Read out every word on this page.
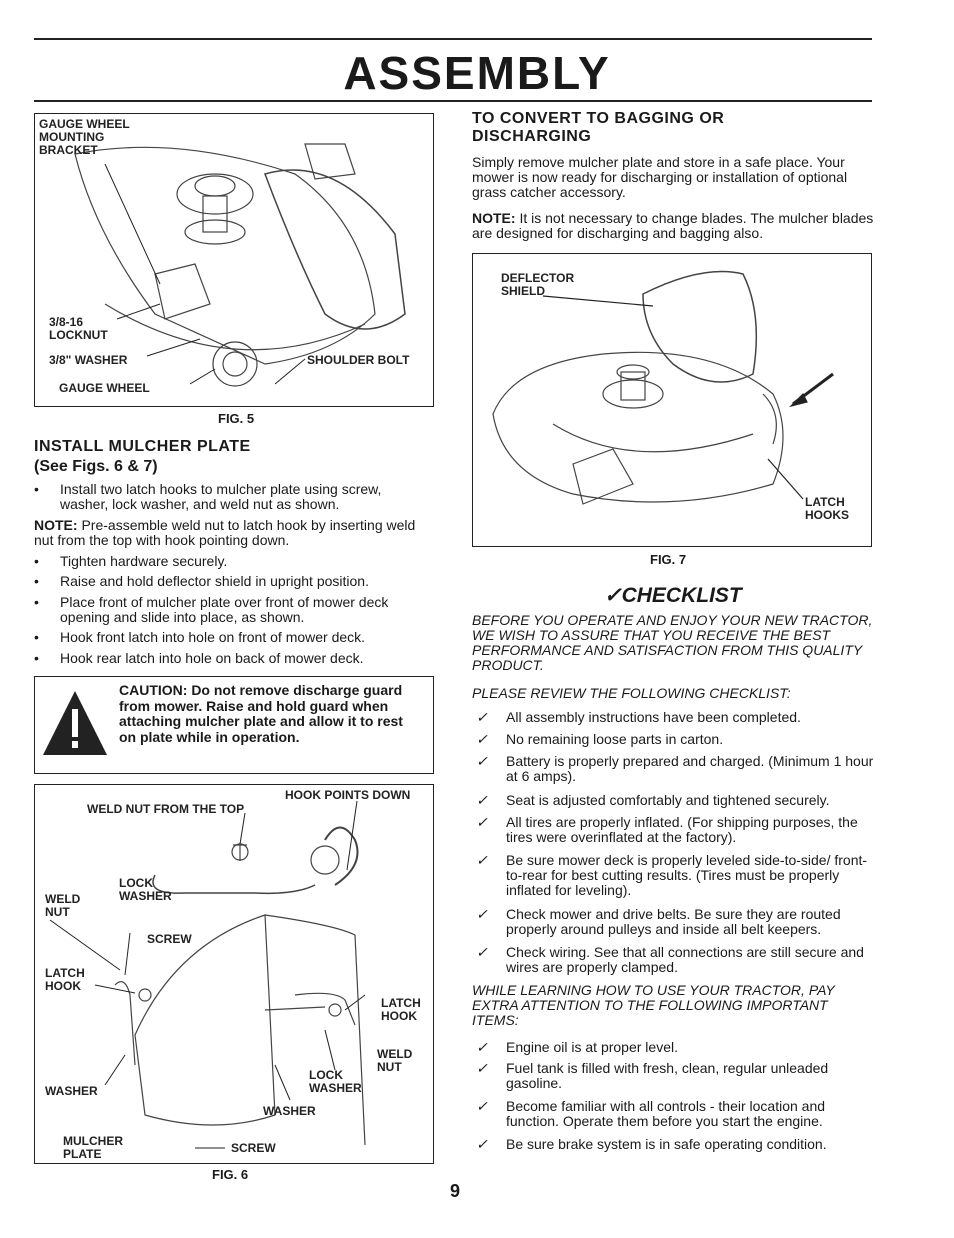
ASSEMBLY
GAUGE WHEEL
MOUNTING
BRACKET
3/8-16
LOCKNUT
3/8" WASHER	SHOULDER BOLT
GAUGE WHEEL
FIG. 5
INSTALL MULCHER PLATE
(See Figs. 6 & 7)
• Install two latch hooks to mulcher plate using screw, washer, lock washer, and weld nut as shown.
NOTE: Pre-assemble weld nut to latch hook by inserting weld nut from the top with hook pointing down.
• Tighten hardware securely.
• Raise and hold deflector shield in upright position.
• Place front of mulcher plate over front of mower deck opening and slide into place, as shown.
• Hook front latch into hole on front of mower deck.
• Hook rear latch into hole on back of mower deck.
CAUTION: Do not remove discharge guard from mower. Raise and hold guard when attaching mulcher plate and allow it to rest on plate while in operation.
HOOK POINTS DOWN
WELD NUT FROM THE TOP
LOCK
WASHER
WELD
NUT
SCREW
LATCH
HOOK
LATCH
HOOK
WELD
NUT
LOCK
WASHER
WASHER
WASHER
MULCHER
PLATE	SCREW
FIG. 6
TO CONVERT TO BAGGING OR
DISCHARGING
Simply remove mulcher plate and store in a safe place. Your mower is now ready for discharging or installation of optional grass catcher accessory.
NOTE: It is not necessary to change blades. The mulcher blades are designed for discharging and bagging also.
DEFLECTOR
SHIELD
LATCH
HOOKS
FIG. 7
✓CHECKLIST
BEFORE YOU OPERATE AND ENJOY YOUR NEW TRACTOR, WE WISH TO ASSURE THAT YOU RECEIVE THE BEST PERFORMANCE AND SATISFACTION FROM THIS QUALITY PRODUCT.
PLEASE REVIEW THE FOLLOWING CHECKLIST:
✓ All assembly instructions have been completed.
✓ No remaining loose parts in carton.
✓ Battery is properly prepared and charged. (Minimum 1 hour at 6 amps).
✓ Seat is adjusted comfortably and tightened securely.
✓ All tires are properly inflated. (For shipping purposes, the tires were overinflated at the factory).
✓ Be sure mower deck is properly leveled side-to-side/ front-to-rear for best cutting results. (Tires must be properly inflated for leveling).
✓ Check mower and drive belts. Be sure they are routed properly around pulleys and inside all belt keepers.
✓ Check wiring. See that all connections are still secure and wires are properly clamped.
WHILE LEARNING HOW TO USE YOUR TRACTOR, PAY EXTRA ATTENTION TO THE FOLLOWING IMPORTANT ITEMS:
✓ Engine oil is at proper level.
✓ Fuel tank is filled with fresh, clean, regular unleaded gasoline.
✓ Become familiar with all controls - their location and function. Operate them before you start the engine.
✓ Be sure brake system is in safe operating condition.
9
